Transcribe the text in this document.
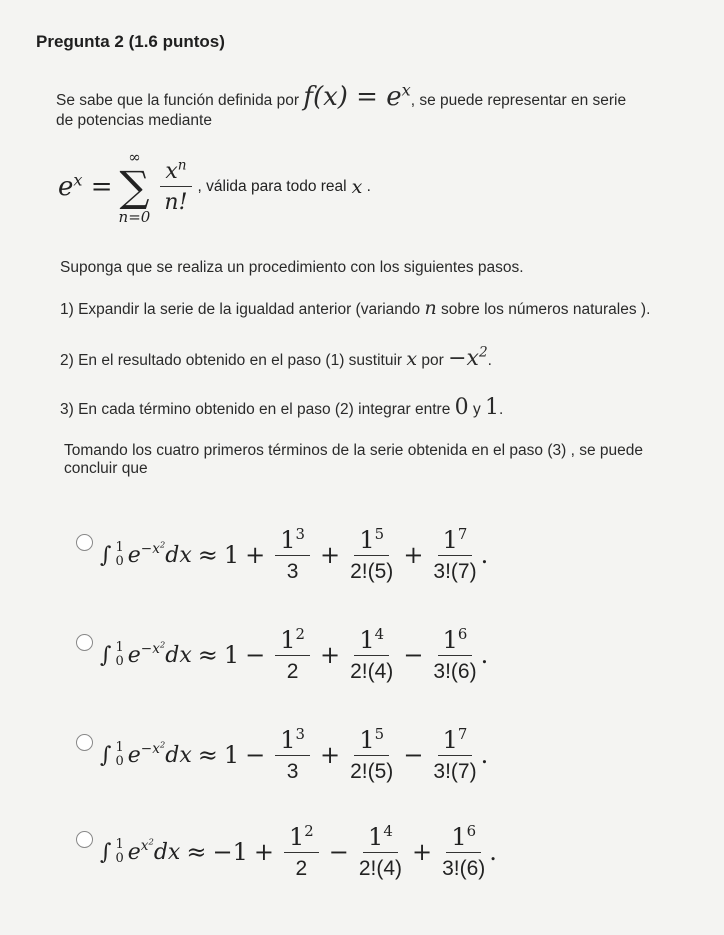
Pregunta 2 (1.6 puntos)
Se sabe que la función definida por $f(x) = e^x$, se puede representar en serie
de potencias mediante
$e^x$ =
∞
∑
n=0
$\frac{x^n}{n!}$ , válida para todo real x .
Suponga que se realiza un procedimiento con los siguientes pasos.
1) Expandir la serie de la igualdad anterior (variando n sobre los números naturales ).
2) En el resultado obtenido en el paso (1) sustituir x por $-x^2$.
3) En cada término obtenido en el paso (2) integrar entre 0 y 1.
Tomando los cuatro primeros términos de la serie obtenida en el paso (3) , se puede
concluir que
∫ 1
0 $e^{-x^2}dx \approx 1 + \frac{1^3}{3} + \frac{1^5}{2!(5)} + \frac{1^7}{3!(7)}$ .
∫ 1
0 $e^{-x^2}dx \approx 1 - \frac{1^2}{2} + \frac{1^4}{2!(4)} - \frac{1^6}{3!(6)}$ .
∫ 1
0 $e^{-x^2}dx \approx 1 - \frac{1^3}{3} + \frac{1^5}{2!(5)} - \frac{1^7}{3!(7)}$ .
∫ 1
0 $e^{x^2}dx \approx -1 + \frac{1^2}{2} - \frac{1^4}{2!(4)} + \frac{1^6}{3!(6)}$ .
